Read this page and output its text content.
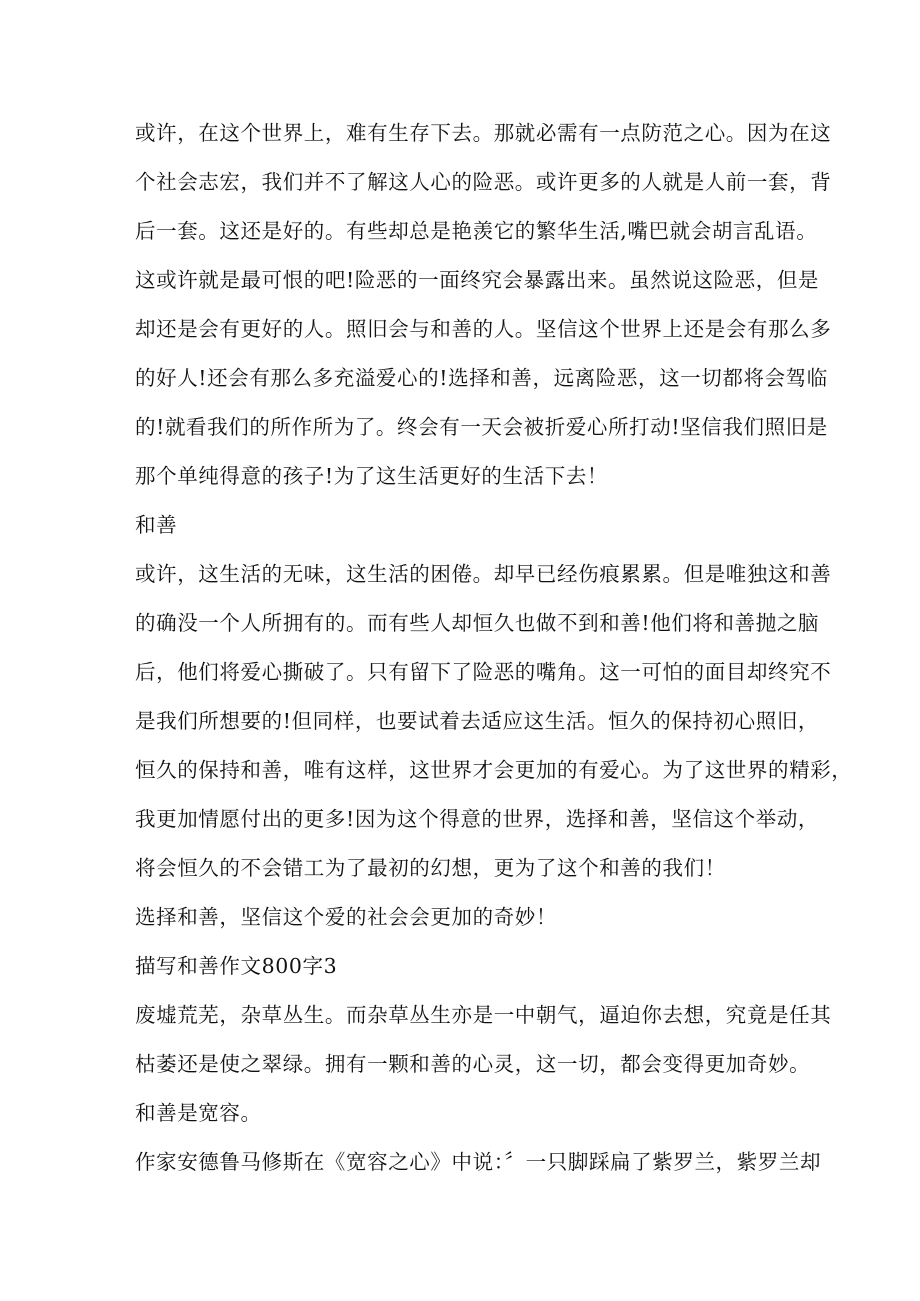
或许，在这个世界上，难有生存下去。那就必需有一点防范之心。因为在这

个社会志宏，我们并不了解这人心的险恶。或许更多的人就是人前一套，背

后一套。这还是好的。有些却总是艳羡它的繁华生活,嘴巴就会胡言乱语。

这或许就是最可恨的吧!险恶的一面终究会暴露出来。虽然说这险恶，但是

却还是会有更好的人。照旧会与和善的人。坚信这个世界上还是会有那么多

的好人!还会有那么多充溢爱心的!选择和善，远离险恶，这一切都将会驾临

的!就看我们的所作所为了。终会有一天会被折爱心所打动!坚信我们照旧是

那个单纯得意的孩子!为了这生活更好的生活下去！

和善

或许，这生活的无味，这生活的困倦。却早已经伤痕累累。但是唯独这和善

的确没一个人所拥有的。而有些人却恒久也做不到和善!他们将和善抛之脑

后，他们将爱心撕破了。只有留下了险恶的嘴角。这一可怕的面目却终究不

是我们所想要的!但同样，也要试着去适应这生活。恒久的保持初心照旧，

恒久的保持和善，唯有这样，这世界才会更加的有爱心。为了这世界的精彩，

我更加情愿付出的更多!因为这个得意的世界，选择和善，坚信这个举动，

将会恒久的不会错工为了最初的幻想，更为了这个和善的我们！

选择和善，坚信这个爱的社会会更加的奇妙！

描写和善作文800字3

废墟荒芜，杂草丛生。而杂草丛生亦是一中朝气，逼迫你去想，究竟是任其

枯萎还是使之翠绿。拥有一颗和善的心灵，这一切，都会变得更加奇妙。

和善是宽容。

作家安德鲁马修斯在《宽容之心》中说：〞一只脚踩扁了紫罗兰，紫罗兰却
